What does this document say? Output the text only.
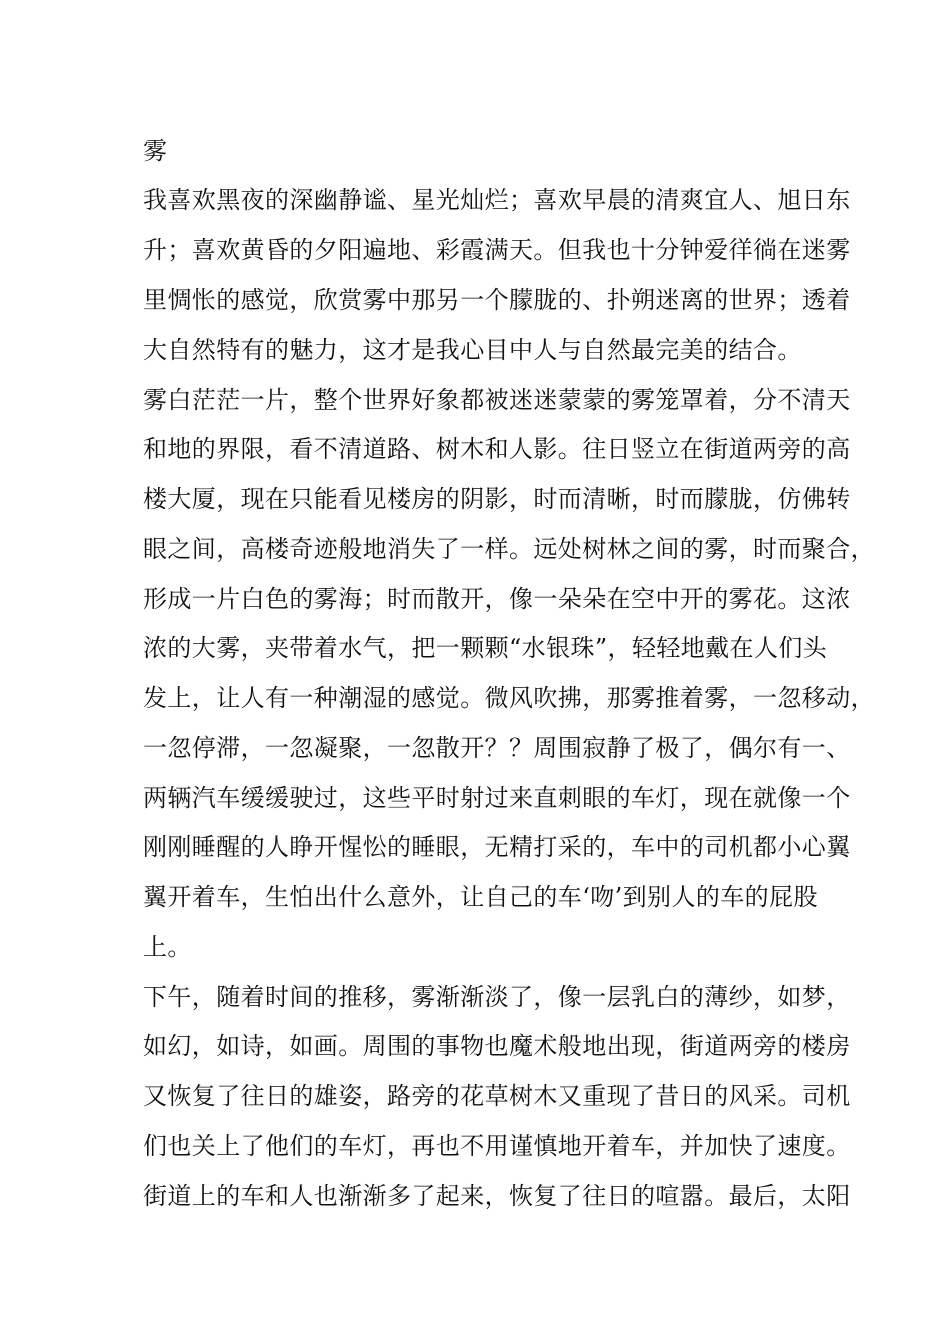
雾
我喜欢黑夜的深幽静谧、星光灿烂；喜欢早晨的清爽宜人、旭日东
升；喜欢黄昏的夕阳遍地、彩霞满天。但我也十分钟爱徉徜在迷雾
里惆怅的感觉，欣赏雾中那另一个朦胧的、扑朔迷离的世界；透着
大自然特有的魅力，这才是我心目中人与自然最完美的结合。
雾白茫茫一片，整个世界好象都被迷迷蒙蒙的雾笼罩着，分不清天
和地的界限，看不清道路、树木和人影。往日竖立在街道两旁的高
楼大厦，现在只能看见楼房的阴影，时而清晰，时而朦胧，仿佛转
眼之间，高楼奇迹般地消失了一样。远处树林之间的雾，时而聚合，
形成一片白色的雾海；时而散开，像一朵朵在空中开的雾花。这浓
浓的大雾，夹带着水气，把一颗颗“水银珠”，轻轻地戴在人们头
发上，让人有一种潮湿的感觉。微风吹拂，那雾推着雾，一忽移动，
一忽停滞，一忽凝聚，一忽散开？？周围寂静了极了，偶尔有一、
两辆汽车缓缓驶过，这些平时射过来直刺眼的车灯，现在就像一个
刚刚睡醒的人睁开惺忪的睡眼，无精打采的，车中的司机都小心翼
翼开着车，生怕出什么意外，让自己的车‘吻’到别人的车的屁股
上。
下午，随着时间的推移，雾渐渐淡了，像一层乳白的薄纱，如梦，
如幻，如诗，如画。周围的事物也魔术般地出现，街道两旁的楼房
又恢复了往日的雄姿，路旁的花草树木又重现了昔日的风采。司机
们也关上了他们的车灯，再也不用谨慎地开着车，并加快了速度。
街道上的车和人也渐渐多了起来，恢复了往日的喧嚣。最后，太阳
